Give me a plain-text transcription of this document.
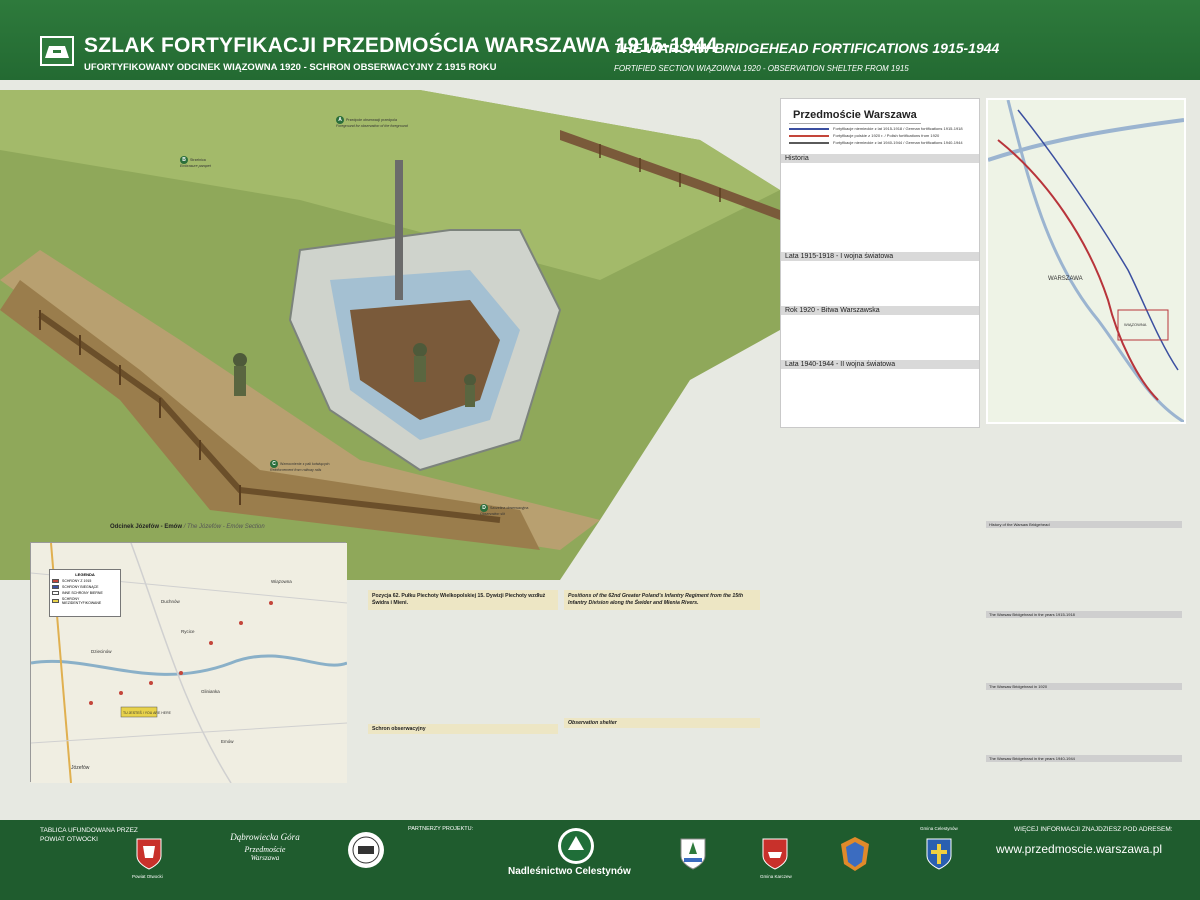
SZLAK FORTYFIKACJI PRZEDMOŚCIA WARSZAWA 1915-1944
UFORTYFIKOWANY ODCINEK WIĄZOWNA 1920 - SCHRON OBSERWACYJNY Z 1915 ROKU
THE WARSAW BRIDGEHEAD FORTIFICATIONS 1915-1944
FORTIFIED SECTION WIĄZOWNA 1920 - OBSERVATION SHELTER FROM 1915
A Przedpole obserwacji przedpola
Foreground for observation of the foreground
B Strzelnica
Embrasure parapet
C Wzmocnienie z pali kotwiących
Reinforcement from railway rails
D Szczelina obserwacyjna
Observation slit
Przedmoście Warszawa
Fortyfikacje niemieckie z lat 1915-1918 / German fortifications 1915-1918
Fortyfikacje polskie z 1920 r. / Polish fortifications from 1920
Fortyfikacje niemieckie z lat 1940-1944 / German fortifications 1940-1944
Historia
Lata 1915-1918 - I wojna światowa
Rok 1920 - Bitwa Warszawska
Lata 1940-1944 - II wojna światowa
WARSZAWA
WIĄZOWNA
Odcinek Józefów - Emów / The Józefów - Emów Section
TU JESTEŚ / YOU ARE HERE
Józefów
Glinianka
Rycice
Emów
Wiązowna
Duchnów
Dziecinów
LEGENDA
SCHRONY Z 1915
SCHRONY BIEGNĄCE
INNE SCHRONY BIERNE
SCHRONY NIEZIDENTYFIKOWANE
Pozycja 62. Pułku Piechoty Wielkopolskiej 15. Dywizji Piechoty wzdłuż Świdra i Mieni.
Schron obserwacyjny
Positions of the 62nd Greater Poland's Infantry Regiment from the 15th Infantry Division along the Świder and Mienia Rivers.
Observation shelter
History of the Warsaw Bridgehead
The Warsaw Bridgehead in the years 1915-1918
The Warsaw Bridgehead in 1920
The Warsaw Bridgehead in the years 1940-1944
TABLICA UFUNDOWANA PRZEZ
POWIAT OTWOCKI
Powiat Otwocki
Dąbrowiecka Góra
Przedmoście
Warszawa
PARTNERZY PROJEKTU:
Nadleśnictwo Celestynów	Gmina Karczew
Gmina Celestynów	WIĘCEJ INFORMACJI ZNAJDZIESZ POD ADRESEM:
www.przedmoscie.warszawa.pl
